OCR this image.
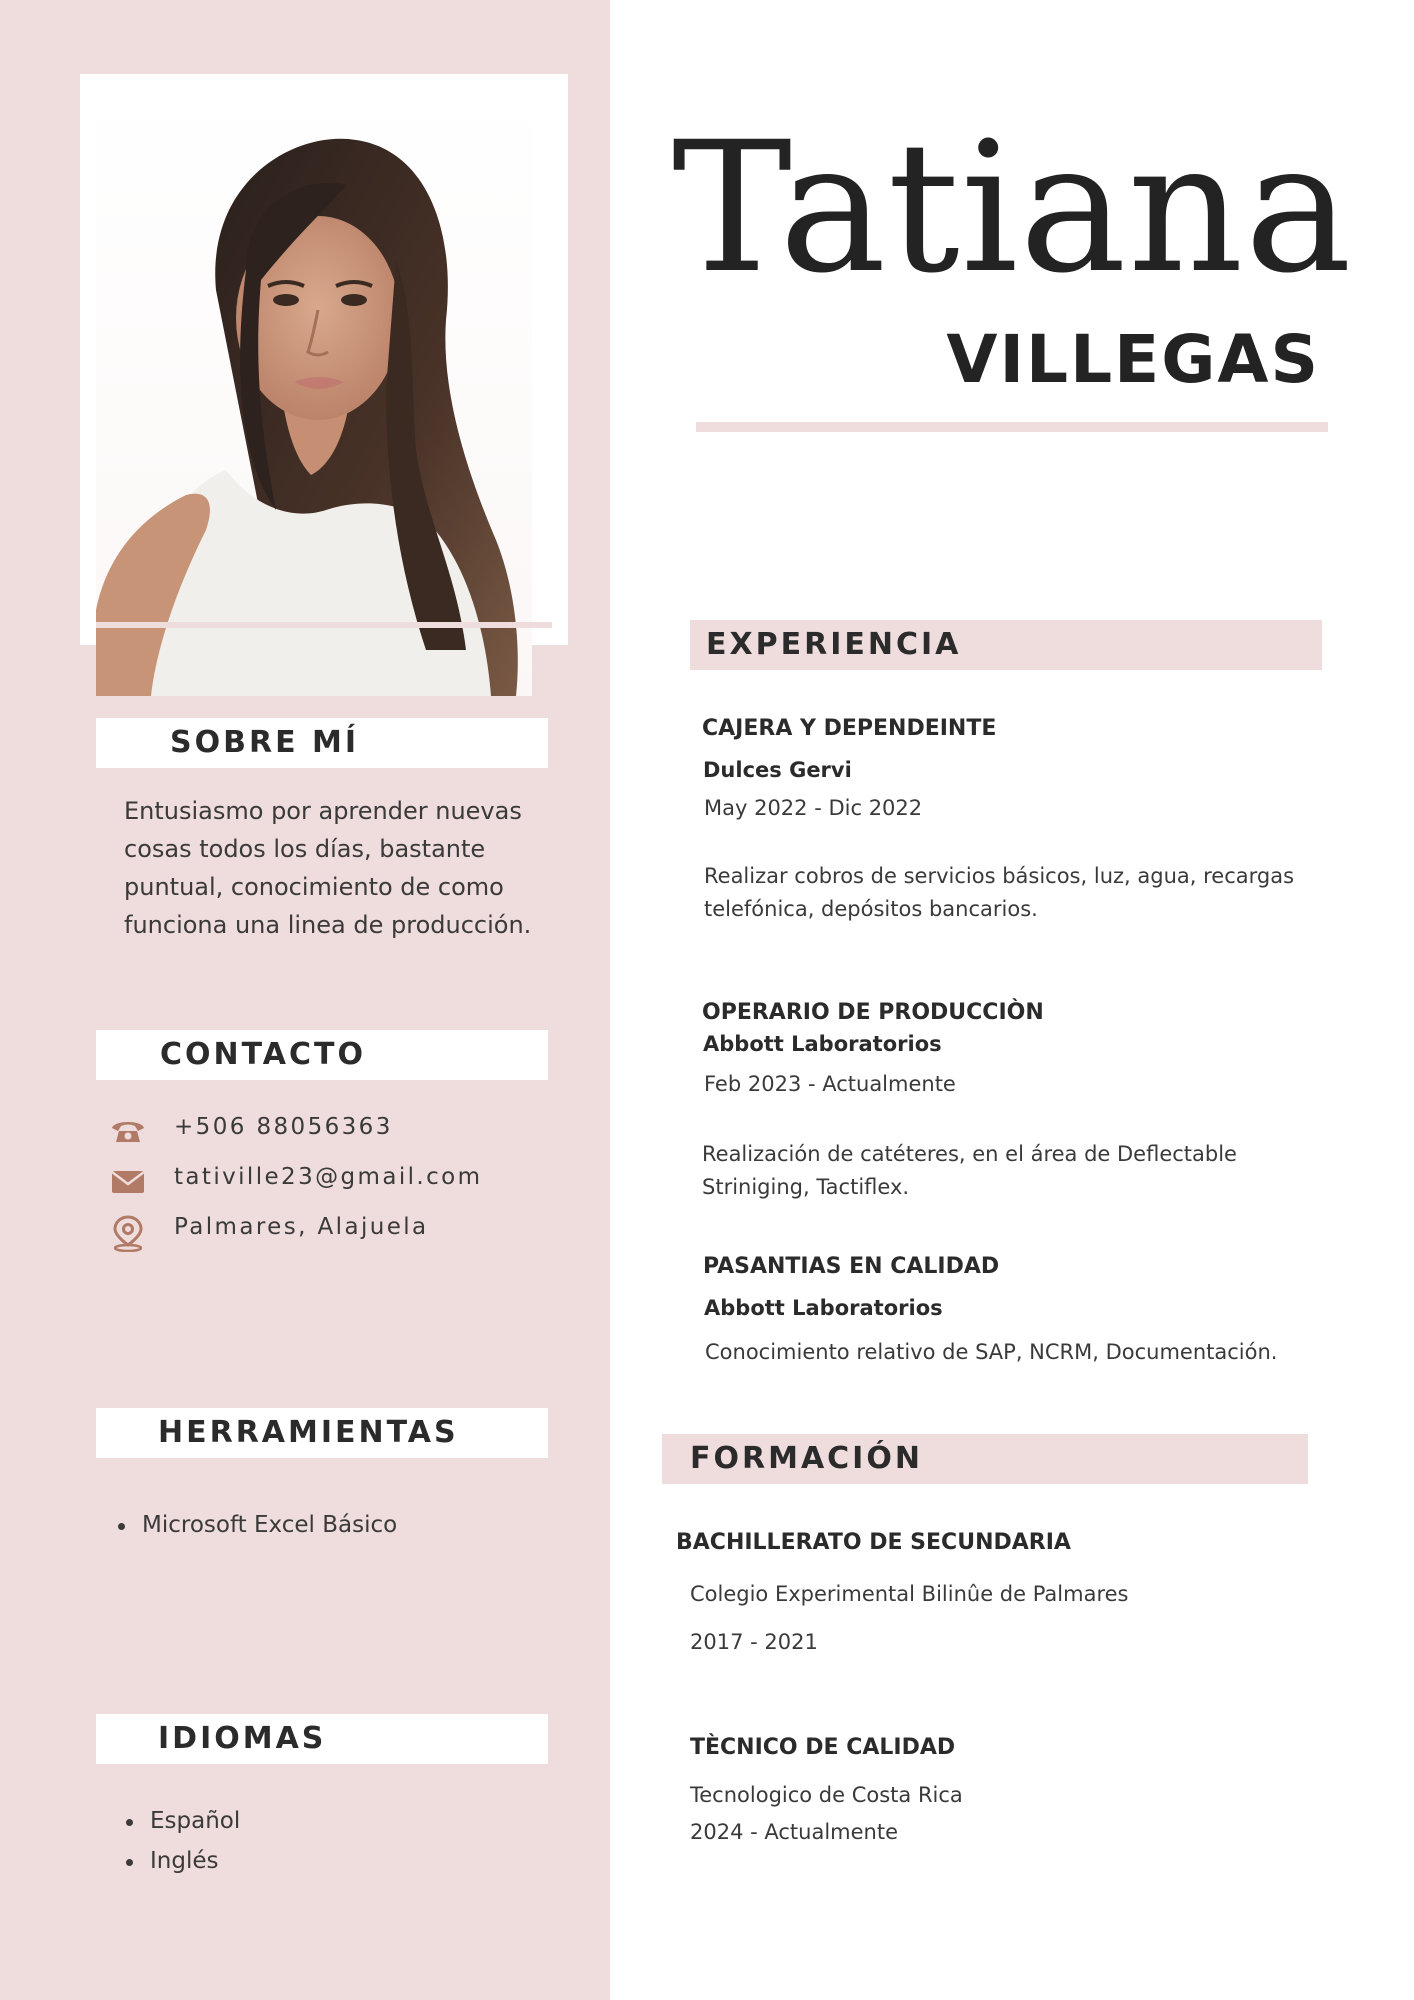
SOBRE MÍ

Entusiasmo por aprender nuevas cosas todos los días, bastante puntual, conocimiento de como funciona una linea de producción.

CONTACTO
+506 88056363
tativille23@gmail.com
Palmares, Alajuela
HERRAMIENTAS
Microsoft Excel Básico
IDIOMAS
Español
Inglés
Tatiana
VILLEGAS
EXPERIENCIA
CAJERA Y DEPENDEINTE
Dulces Gervi
May 2022 - Dic 2022
Realizar cobros de servicios básicos, luz, agua, recargas telefónica, depósitos bancarios.
OPERARIO DE PRODUCCIÒN
Abbott Laboratorios
Feb 2023 - Actualmente
Realización de catéteres, en el área de Deflectable Striniging, Tactiflex.
PASANTIAS EN CALIDAD
Abbott Laboratorios
Conocimiento relativo de SAP, NCRM, Documentación.
FORMACIÓN
BACHILLERATO DE SECUNDARIA
Colegio Experimental Bilinûe de Palmares
2017 - 2021
TÈCNICO DE CALIDAD
Tecnologico de Costa Rica
2024 - Actualmente
